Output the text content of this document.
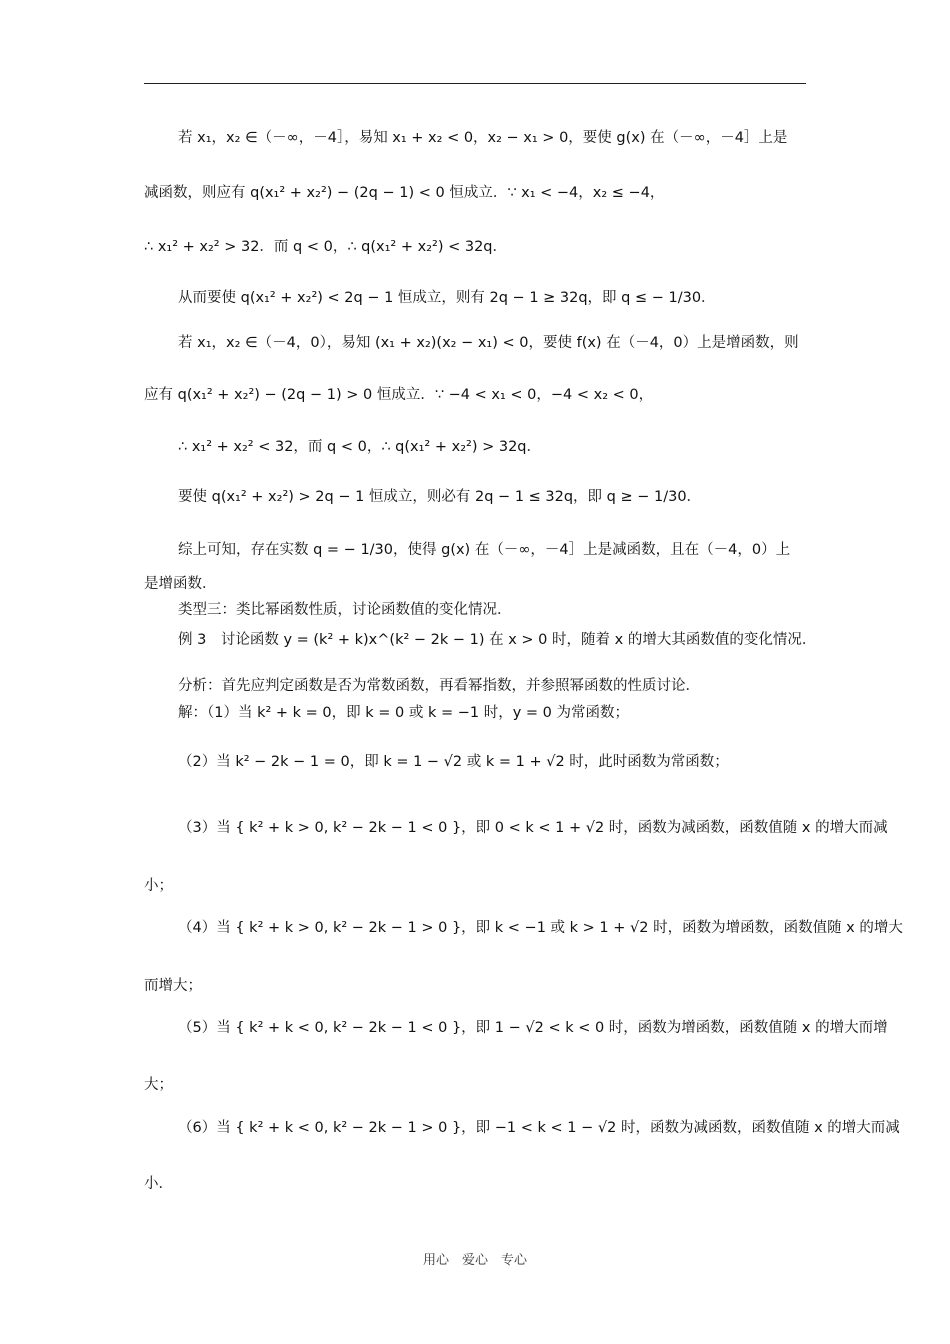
若 x₁，x₂ ∈（－∞，－4］，易知 x₁ + x₂ < 0，x₂ − x₁ > 0，要使 g(x) 在（－∞，－4］上是
减函数，则应有 q(x₁² + x₂²) − (2q − 1) < 0 恒成立．∵ x₁ < −4，x₂ ≤ −4，
∴ x₁² + x₂² > 32．而 q < 0，∴ q(x₁² + x₂²) < 32q．
从而要使 q(x₁² + x₂²) < 2q − 1 恒成立，则有 2q − 1 ≥ 32q，即 q ≤ − 1/30．
若 x₁，x₂ ∈（－4，0），易知 (x₁ + x₂)(x₂ − x₁) < 0，要使 f(x) 在（－4，0）上是增函数，则
应有 q(x₁² + x₂²) − (2q − 1) > 0 恒成立．∵ −4 < x₁ < 0，−4 < x₂ < 0，
∴ x₁² + x₂² < 32，而 q < 0，∴ q(x₁² + x₂²) > 32q．
要使 q(x₁² + x₂²) > 2q − 1 恒成立，则必有 2q − 1 ≤ 32q，即 q ≥ − 1/30．
综上可知，存在实数 q = − 1/30，使得 g(x) 在（－∞，－4］上是减函数，且在（－4，0）上
是增函数．
类型三：类比幂函数性质，讨论函数值的变化情况．
例 3　讨论函数 y = (k² + k)x^(k² − 2k − 1) 在 x > 0 时，随着 x 的增大其函数值的变化情况．
分析：首先应判定函数是否为常数函数，再看幂指数，并参照幂函数的性质讨论．
解：（1）当 k² + k = 0，即 k = 0 或 k = −1 时，y = 0 为常函数；
（2）当 k² − 2k − 1 = 0，即 k = 1 − √2 或 k = 1 + √2 时，此时函数为常函数；
（3）当 { k² + k > 0, k² − 2k − 1 < 0 }，即 0 < k < 1 + √2 时，函数为减函数，函数值随 x 的增大而减
小；
（4）当 { k² + k > 0, k² − 2k − 1 > 0 }，即 k < −1 或 k > 1 + √2 时，函数为增函数，函数值随 x 的增大
而增大；
（5）当 { k² + k < 0, k² − 2k − 1 < 0 }，即 1 − √2 < k < 0 时，函数为增函数，函数值随 x 的增大而增
大；
（6）当 { k² + k < 0, k² − 2k − 1 > 0 }，即 −1 < k < 1 − √2 时，函数为减函数，函数值随 x 的增大而减
小．
用心　爱心　专心
